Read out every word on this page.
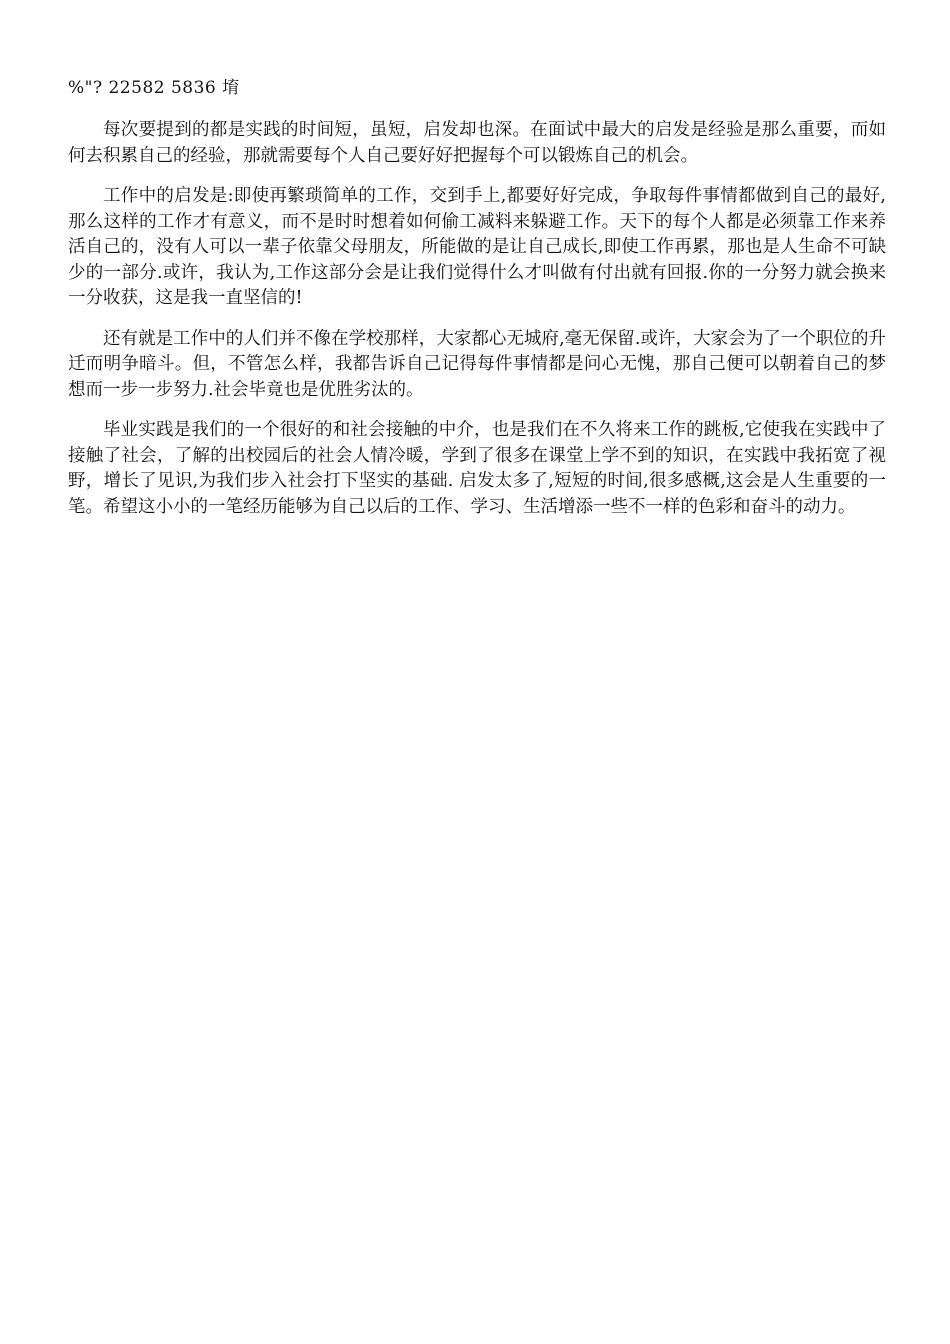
%"? 22582 5836 堉

每次要提到的都是实践的时间短，虽短，启发却也深。在面试中最大的启发是经验是那么重要，而如何去积累自己的经验，那就需要每个人自己要好好把握每个可以锻炼自己的机会。

工作中的启发是:即使再繁琐简单的工作，交到手上,都要好好完成，争取每件事情都做到自己的最好,那么这样的工作才有意义，而不是时时想着如何偷工减料来躲避工作。天下的每个人都是必须靠工作来养活自己的，没有人可以一辈子依靠父母朋友，所能做的是让自己成长,即使工作再累，那也是人生命不可缺少的一部分.或许，我认为,工作这部分会是让我们觉得什么才叫做有付出就有回报.你的一分努力就会换来一分收获，这是我一直坚信的!

还有就是工作中的人们并不像在学校那样，大家都心无城府,毫无保留.或许，大家会为了一个职位的升迁而明争暗斗。但，不管怎么样，我都告诉自己记得每件事情都是问心无愧，那自己便可以朝着自己的梦想而一步一步努力.社会毕竟也是优胜劣汰的。

毕业实践是我们的一个很好的和社会接触的中介，也是我们在不久将来工作的跳板,它使我在实践中了接触了社会，了解的出校园后的社会人情冷暖，学到了很多在课堂上学不到的知识，在实践中我拓宽了视野，增长了见识,为我们步入社会打下坚实的基础. 启发太多了,短短的时间,很多感概,这会是人生重要的一笔。希望这小小的一笔经历能够为自己以后的工作、学习、生活增添一些不一样的色彩和奋斗的动力。
